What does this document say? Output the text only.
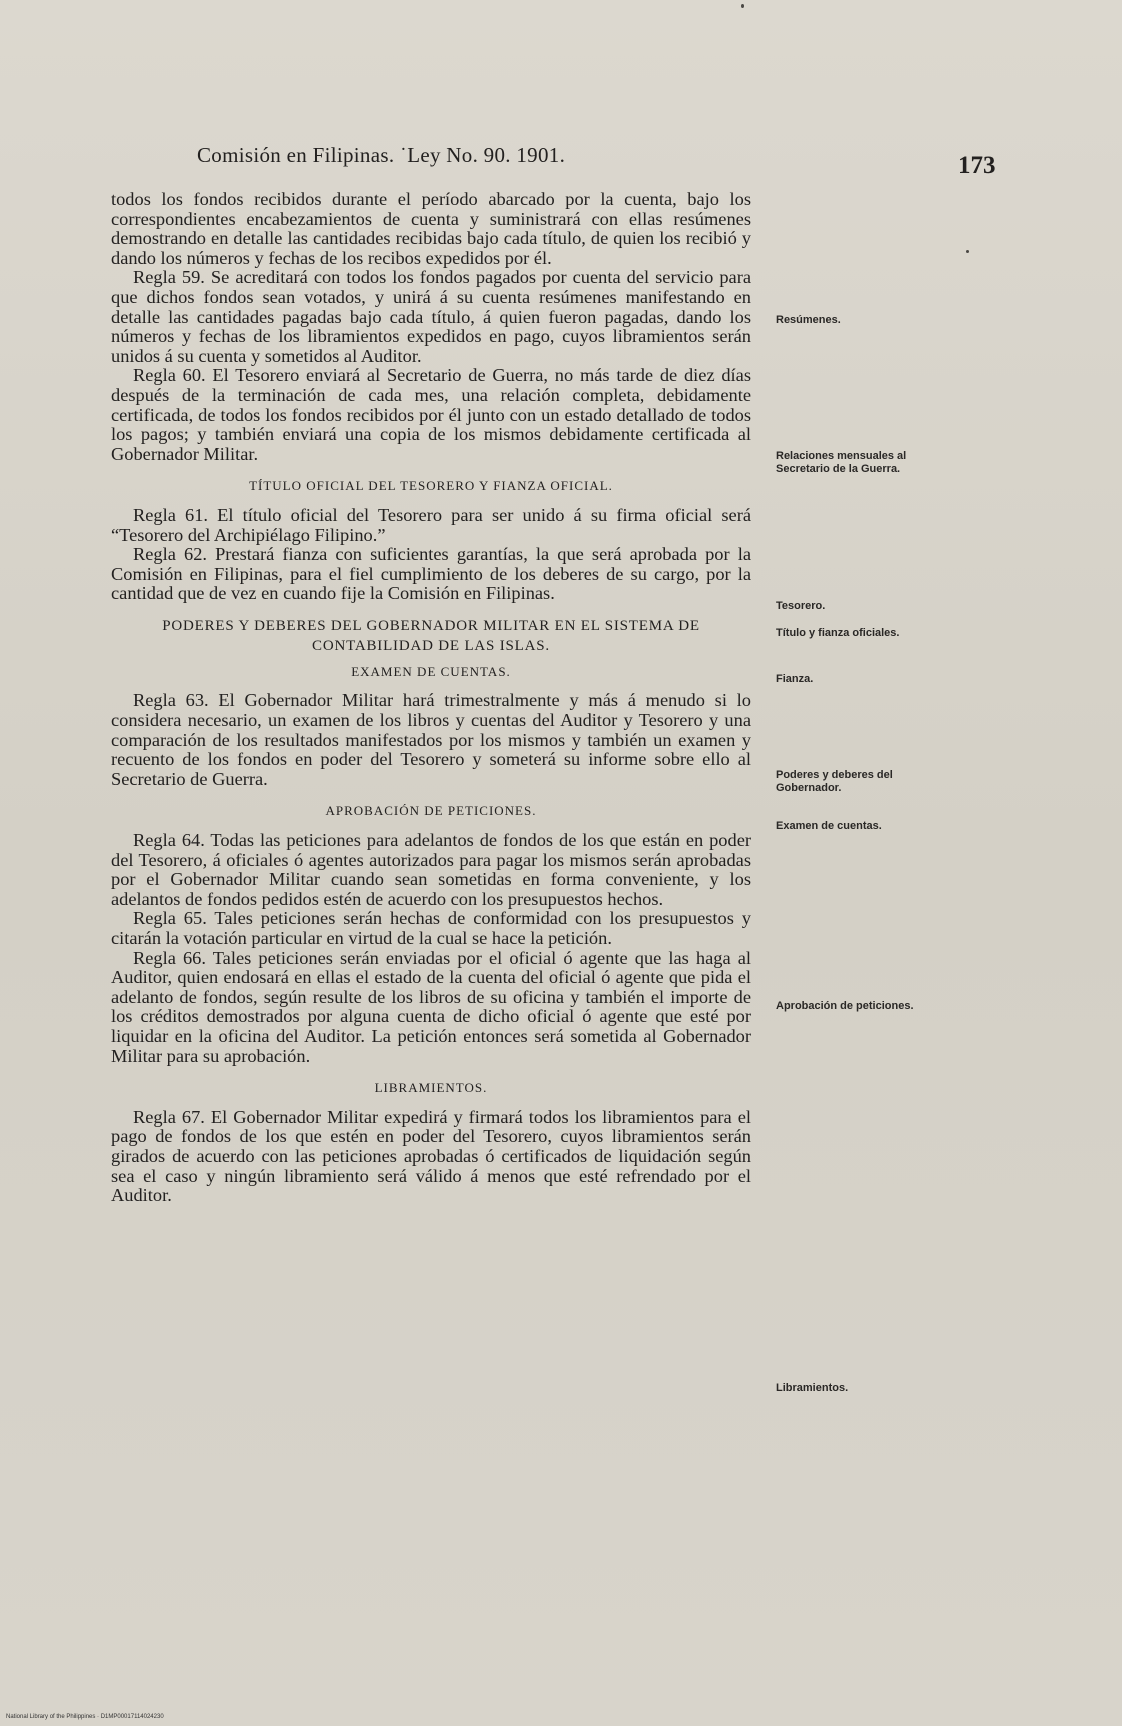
Comisión en Filipinas. ˙Ley No. 90. 1901.	173

todos los fondos recibidos durante el período abarcado por la cuenta, bajo los correspondientes encabezamientos de cuenta y suministrará con ellas resúmenes demostrando en detalle las cantidades recibidas bajo cada título, de quien los recibió y dando los números y fechas de los recibos expedidos por él.

Regla 59. Se acreditará con todos los fondos pagados por cuenta del servicio para que dichos fondos sean votados, y unirá á su cuenta resúmenes manifestando en detalle las cantidades pagadas bajo cada título, á quien fueron pagadas, dando los números y fechas de los libramientos expedidos en pago, cuyos libramientos serán unidos á su cuenta y sometidos al Auditor.

Regla 60. El Tesorero enviará al Secretario de Guerra, no más tarde de diez días después de la terminación de cada mes, una relación completa, debidamente certificada, de todos los fondos recibidos por él junto con un estado detallado de todos los pagos; y también enviará una copia de los mismos debidamente certificada al Gobernador Militar.

TÍTULO OFICIAL DEL TESORERO Y FIANZA OFICIAL.

Regla 61. El título oficial del Tesorero para ser unido á su firma oficial será “Tesorero del Archipiélago Filipino.”

Regla 62. Prestará fianza con suficientes garantías, la que será aprobada por la Comisión en Filipinas, para el fiel cumplimiento de los deberes de su cargo, por la cantidad que de vez en cuando fije la Comisión en Filipinas.

PODERES Y DEBERES DEL GOBERNADOR MILITAR EN EL SISTEMA DE CONTABILIDAD DE LAS ISLAS.
EXAMEN DE CUENTAS.

Regla 63. El Gobernador Militar hará trimestralmente y más á menudo si lo considera necesario, un examen de los libros y cuentas del Auditor y Tesorero y una comparación de los resultados manifestados por los mismos y también un examen y recuento de los fondos en poder del Tesorero y someterá su informe sobre ello al Secretario de Guerra.

APROBACIÓN DE PETICIONES.

Regla 64. Todas las peticiones para adelantos de fondos de los que están en poder del Tesorero, á oficiales ó agentes autorizados para pagar los mismos serán aprobadas por el Gobernador Militar cuando sean sometidas en forma conveniente, y los adelantos de fondos pedidos estén de acuerdo con los presupuestos hechos.

Regla 65. Tales peticiones serán hechas de conformidad con los presupuestos y citarán la votación particular en virtud de la cual se hace la petición.

Regla 66. Tales peticiones serán enviadas por el oficial ó agente que las haga al Auditor, quien endosará en ellas el estado de la cuenta del oficial ó agente que pida el adelanto de fondos, según resulte de los libros de su oficina y también el importe de los créditos demostrados por alguna cuenta de dicho oficial ó agente que esté por liquidar en la oficina del Auditor. La petición entonces será sometida al Gobernador Militar para su aprobación.

LIBRAMIENTOS.

Regla 67. El Gobernador Militar expedirá y firmará todos los libramientos para el pago de fondos de los que estén en poder del Tesorero, cuyos libramientos serán girados de acuerdo con las peticiones aprobadas ó certificados de liquidación según sea el caso y ningún libramiento será válido á menos que esté refrendado por el Auditor.

Resúmenes.
Relaciones mensuales al Secretario de la Guerra.
Tesorero.
Título y fianza oficiales.
Fianza.
Poderes y deberes del Gobernador.
Examen de cuentas.
Aprobación de peticiones.
Libramientos.
National Library of the Philippines · D1MP00017114024230
